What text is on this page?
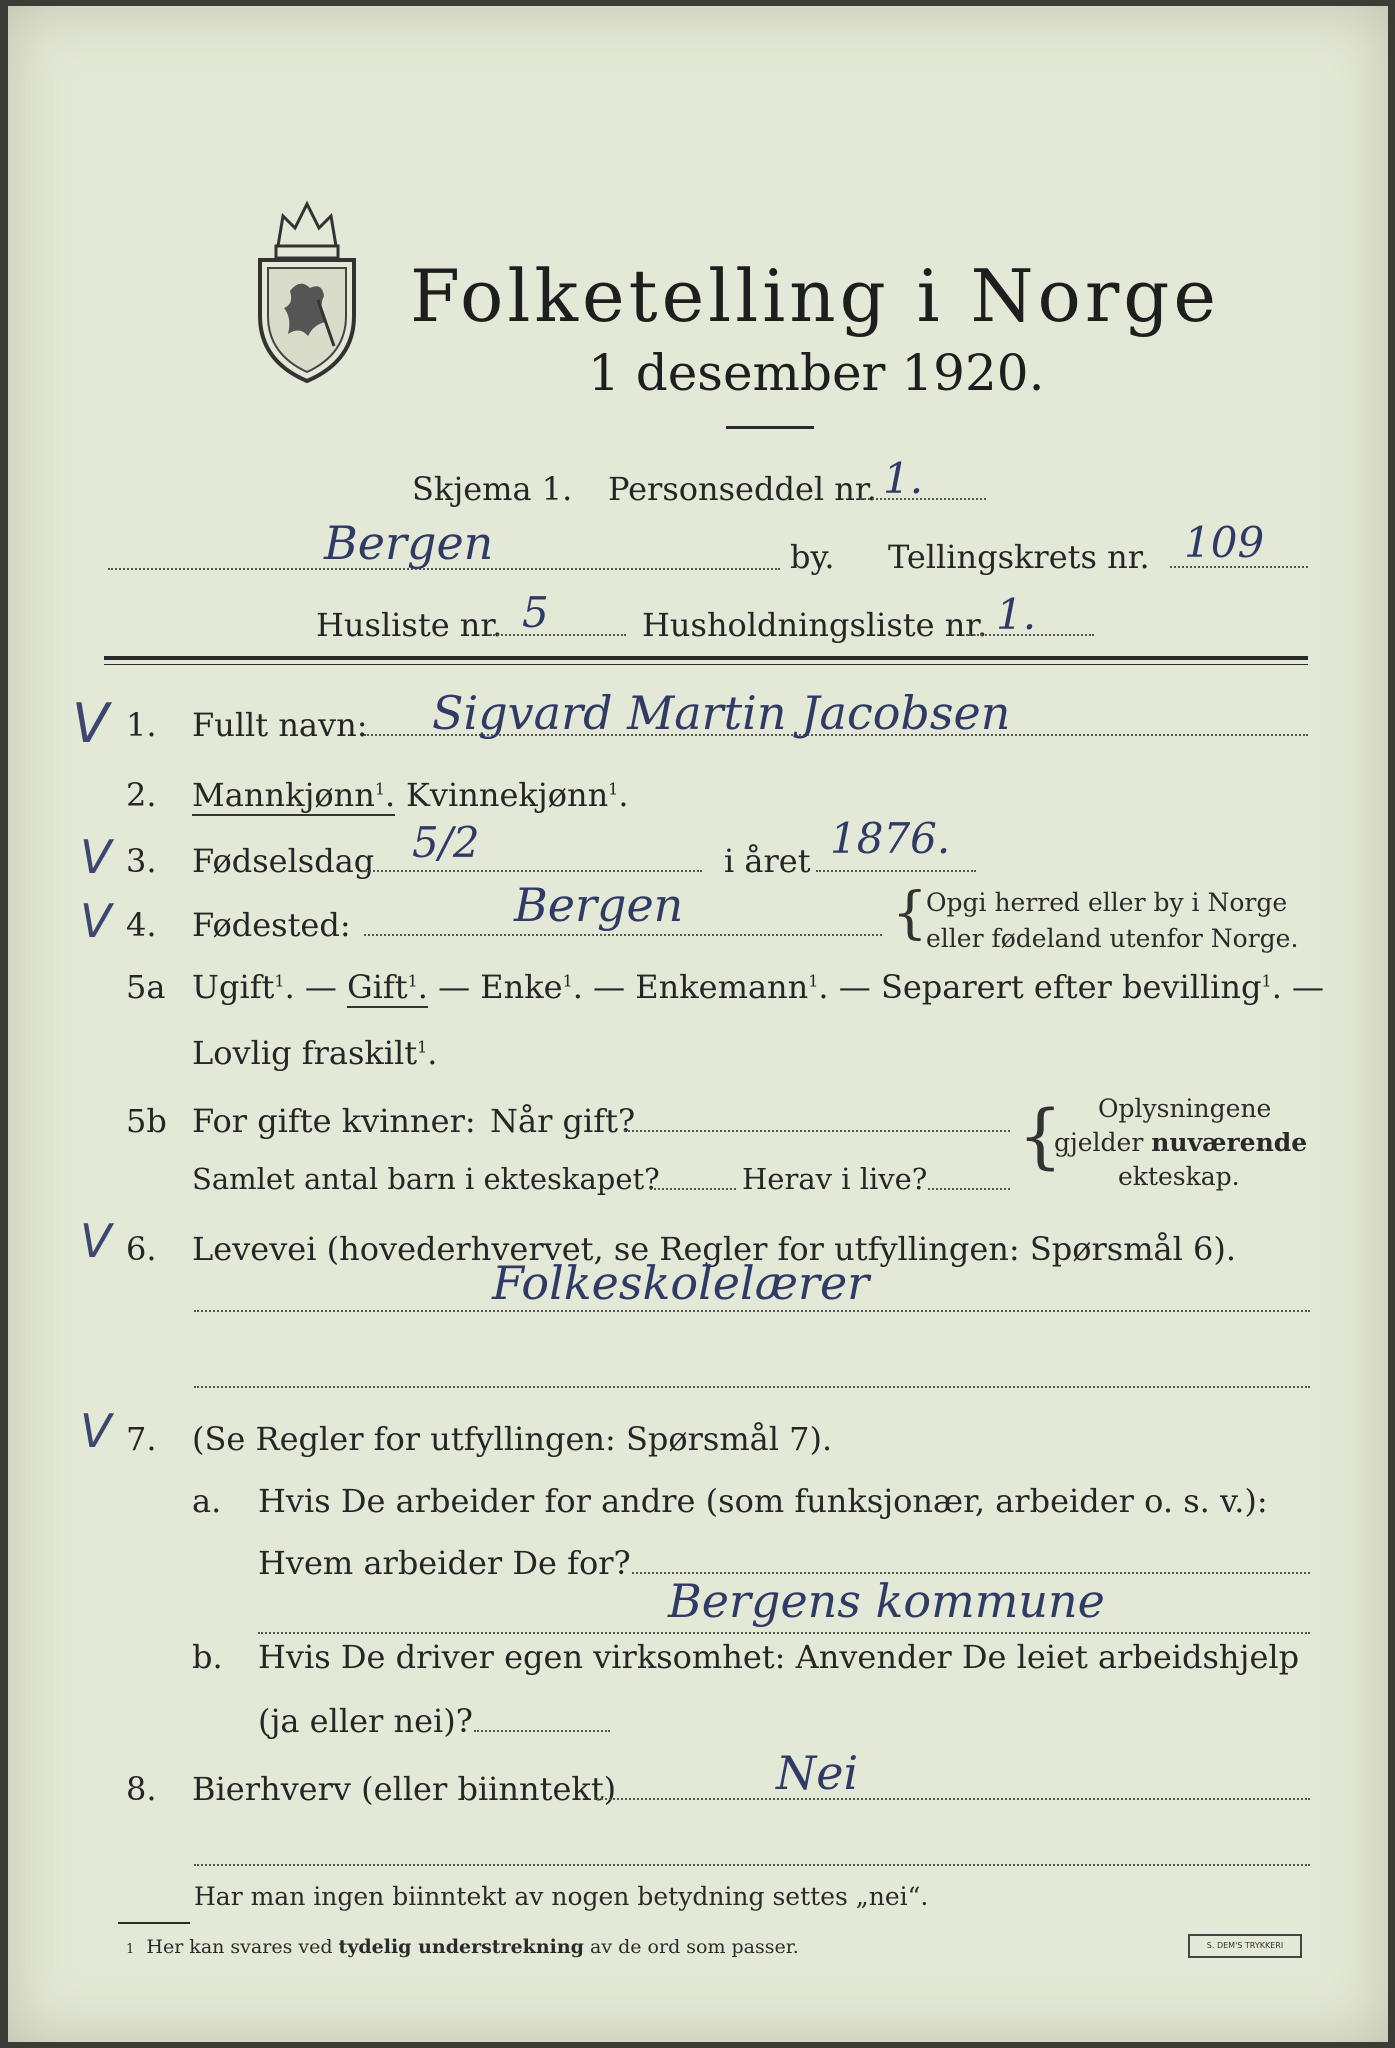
Folketelling i Norge
1 desember 1920.
Skjema 1. Personseddel nr. 1.
Bergen	by. Tellingskrets nr. 109
Husliste nr. 5	Husholdningsliste nr. 1.
V 1. Fullt navn: Sigvard Martin Jacobsen
2. Mannkjønn$^1$. Kvinnekjønn$^1$.
V 3. Fødselsdag 5/2	i året 1876.
V 4. Fødested:	Bergen	{
Opgi herred eller by i Norge
eller fødeland utenfor Norge.
5a Ugift$^1$. — Gift$^1$. — Enke$^1$. — Enkemann$^1$. — Separert efter bevilling$^1$. —
Lovlig fraskilt$^1$.
5b For gifte kvinner: Når gift?
Samlet antal barn i ekteskapet?	Herav i live?
{ Oplysningene
gjelder nuværende
ekteskap.
V 6. Levevei (hovederhvervet, se Regler for utfyllingen: Spørsmål 6).
Folkeskolelærer
V 7. (Se Regler for utfyllingen: Spørsmål 7).
a. Hvis De arbeider for andre (som funksjonær, arbeider o. s. v.):
Hvem arbeider De for?
Bergens kommune
b. Hvis De driver egen virksomhet: Anvender De leiet arbeidshjelp
(ja eller nei)?
8. Bierhverv (eller biinntekt)	Nei
Har man ingen biinntekt av nogen betydning settes „nei“.
1 Her kan svares ved tydelig understrekning av de ord som passer.	S. DEM'S TRYKKERI
